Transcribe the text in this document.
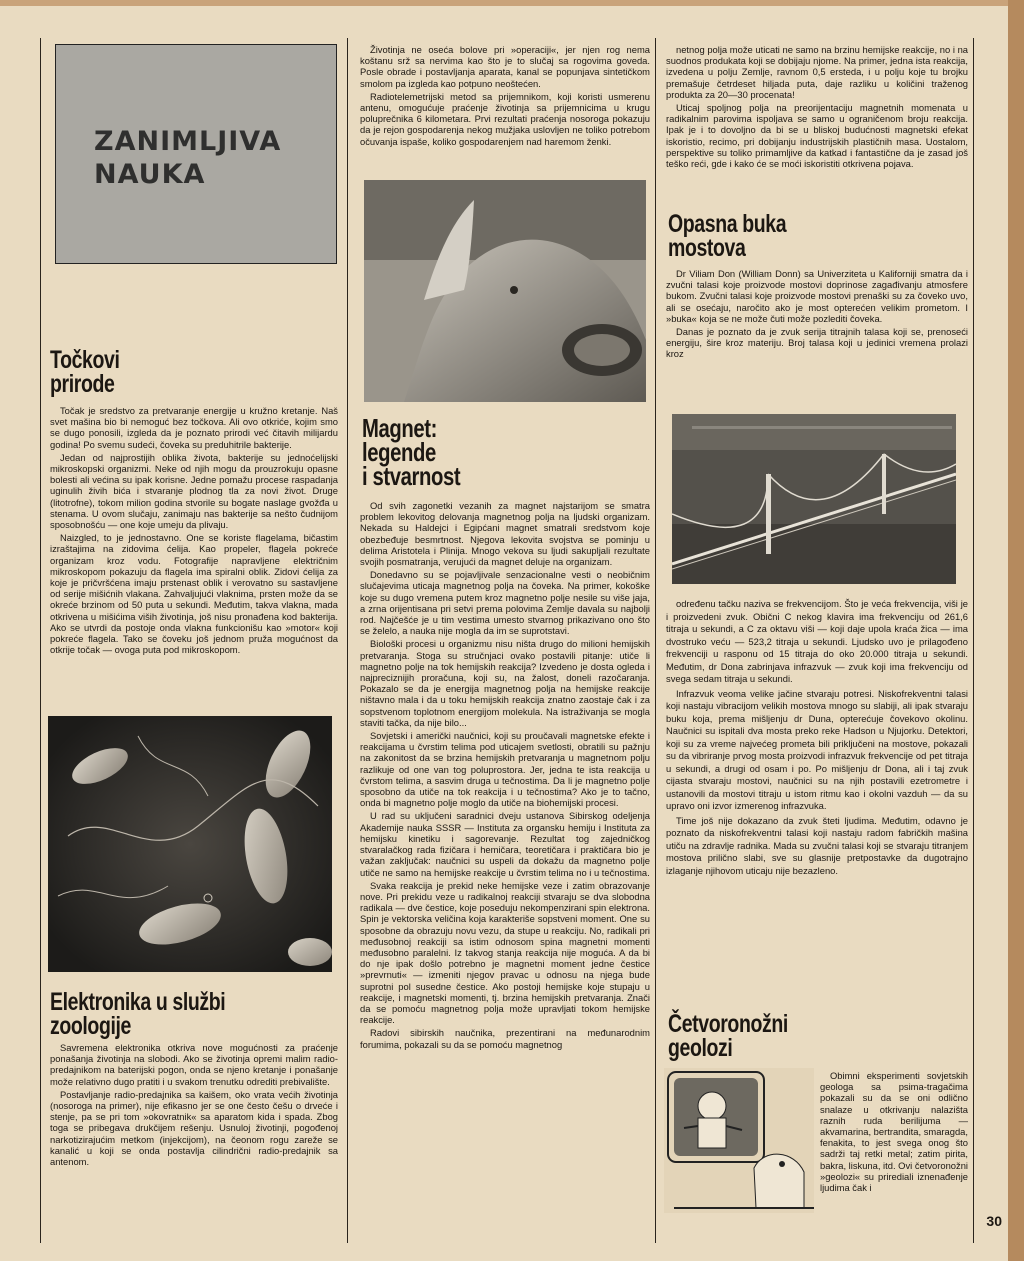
ZANIMLJIVA
NAUKA
Točkovi
prirode

Točak je sredstvo za pretvaranje energije u kružno kretanje. Naš svet mašina bio bi nemoguć bez točkova. Ali ovo otkriće, kojim smo se dugo ponosili, izgleda da je poznato prirodi već čitavih milijardu godina! Po svemu sudeći, čoveka su preduhitrile bakterije.

Jedan od najprostijih oblika života, bakterije su jednoćelijski mikroskopski organizmi. Neke od njih mogu da prouzrokuju opasne bolesti ali većina su ipak korisne. Jedne pomažu procese raspadanja uginulih živih bića i stvaranje plodnog tla za novi život. Druge (litotrofne), tokom milion godina stvorile su bogate naslage gvožđa u stenama. U ovom slučaju, zanimaju nas bakterije sa nešto čudnijom sposobnošću — one koje umeju da plivaju.

Naizgled, to je jednostavno. One se koriste flagelama, bičastim izraštajima na zidovima ćelija. Kao propeler, flagela pokreće organizam kroz vodu. Fotografije napravljene električnim mikroskopom pokazuju da flagela ima spiralni oblik. Zidovi ćelija za koje je pričvršćena imaju prstenast oblik i verovatno su sastavljene od serije mišićnih vlakana. Zahvaljujući vlaknima, prsten može da se okreće brzinom od 50 puta u sekundi. Međutim, takva vlakna, mada otkrivena u mišićima viših životinja, još nisu pronađena kod bakterija. Ako se utvrdi da postoje onda vlakna funkcionišu kao »motor« koji pokreće flagela. Tako se čoveku još jednom pruža mogućnost da otkrije točak — ovoga puta pod mikroskopom.

Elektronika u službi
zoologije

Savremena elektronika otkriva nove mogućnosti za praćenje ponašanja životinja na slobodi. Ako se životinja opremi malim radio-predajnikom na baterijski pogon, onda se njeno kretanje i ponašanje može relativno dugo pratiti i u svakom trenutku odrediti prebivalište.

Postavljanje radio-predajnika sa kaišem, oko vrata većih životinja (nosoroga na primer), nije efikasno jer se one često češu o drveće i stenje, pa se pri tom »okovratnik« sa aparatom kida i spada. Zbog toga se pribegava drukčijem rešenju. Usnuloj životinji, pogođenoj narkotizirajućim metkom (injekcijom), na čeonom rogu zareže se kanalić u koji se onda postavlja cilindrični radio-predajnik sa antenom.

Životinja ne oseća bolove pri »operaciji«, jer njen rog nema koštanu srž sa nervima kao što je to slučaj sa rogovima goveda. Posle obrade i postavljanja aparata, kanal se popunjava sintetičkom smolom pa izgleda kao potpuno neoštećen.

Radiotelemetrijski metod sa prijemnikom, koji koristi usmerenu antenu, omogućuje praćenje životinja sa prijemnicima u krugu poluprečnika 6 kilometara. Prvi rezultati praćenja nosoroga pokazuju da je rejon gospodarenja nekog mužjaka uslovljen ne toliko potrebom očuvanja ispaše, koliko gospodarenjem nad haremom ženki.

Magnet:
legende
i stvarnost

Od svih zagonetki vezanih za magnet najstarijom se smatra problem lekovitog delovanja magnetnog polja na ljudski organizam. Nekada su Haldejci i Egipćani magnet smatrali sredstvom koje obezbeđuje besmrtnost. Njegova lekovita svojstva se pominju u delima Aristotela i Plinija. Mnogo vekova su ljudi sakupljali rezultate svojih posmatranja, verujući da magnet deluje na organizam.

Donedavno su se pojavljivale senzacionalne vesti o neobičnim slučajevima uticaja magnetnog polja na čoveka. Na primer, kokoške koje su dugo vremena putem kroz magnetno polje nesile su više jaja, a zrna orijentisana pri setvi prema polovima Zemlje davala su najbolji rod. Najčešće je u tim vestima umesto stvarnog prikazivano ono što se želelo, a nauka nije mogla da im se suprotstavi.

Biološki procesi u organizmu nisu ništa drugo do milioni hemijskih pretvaranja. Stoga su stručnjaci ovako postavili pitanje: utiče li magnetno polje na tok hemijskih reakcija? Izvedeno je dosta ogleda i najpreciznijih proračuna, koji su, na žalost, doneli razočaranja. Pokazalo se da je energija magnetnog polja na hemijske reakcije ništavno mala i da u toku hemijskih reakcija znatno zaostaje čak i za sopstvenom toplotnom energijom molekula. Na istraživanja se mogla staviti tačka, da nije bilo...

Sovjetski i američki naučnici, koji su proučavali magnetske efekte i reakcijama u čvrstim telima pod uticajem svetlosti, obratili su pažnju na zakonitost da se brzina hemijskih pretvaranja u magnetnom polju razlikuje od one van tog poluprostora. Jer, jedna te ista reakcija u čvrstom telima, a sasvim druga u tečnostima. Da li je magnetno polje sposobno da utiče na tok reakcija i u tečnostima? Ako je to tačno, onda bi magnetno polje moglo da utiče na biohemijski procesi.

U rad su uključeni saradnici dveju ustanova Sibirskog odeljenja Akademije nauka SSSR — Instituta za organsku hemiju i Instituta za hemijsku kinetiku i sagorevanje. Rezultat tog zajedničkog stvaralačkog rada fizičara i hemičara, teoretičara i praktičara bio je važan zaključak: naučnici su uspeli da dokažu da magnetno polje utiče ne samo na hemijske reakcije u čvrstim telima no i u tečnostima.

Svaka reakcija je prekid neke hemijske veze i zatim obrazovanje nove. Pri prekidu veze u radikalnoj reakciji stvaraju se dva slobodna radikala — dve čestice, koje poseduju nekompenzirani spin elektrona. Spin je vektorska veličina koja karakteriše sopstveni moment. One su sposobne da obrazuju novu vezu, da stupe u reakciju. No, radikali pri međusobnoj reakciji sa istim odnosom spina magnetni momenti međusobno paralelni. Iz takvog stanja reakcija nije moguća. A da bi do nje ipak došlo potrebno je magnetni moment jedne čestice »prevrnuti« — izmeniti njegov pravac u odnosu na njega bude suprotni pol susedne čestice. Ako postoji hemijske koje stupaju u reakcije, i magnetski momenti, tj. brzina hemijskih pretvaranja. Znači da se pomoću magnetnog polja može upravljati tokom hemijske reakcije.

Radovi sibirskih naučnika, prezentirani na međunarodnim forumima, pokazali su da se pomoću magnetnog

netnog polja može uticati ne samo na brzinu hemijske reakcije, no i na suodnos produkata koji se dobijaju njome. Na primer, jedna ista reakcija, izvedena u polju Zemlje, ravnom 0,5 ersteda, i u polju koje tu brojku premašuje četrdeset hiljada puta, daje razliku u količini traženog produkta za 20—30 procenata!

Uticaj spoljnog polja na preorijentaciju magnetnih momenata u radikalnim parovima ispoljava se samo u ograničenom broju reakcija. Ipak je i to dovoljno da bi se u bliskoj budućnosti magnetski efekat iskoristio, recimo, pri dobijanju industrijskih plastičnih masa. Uostalom, perspektive su toliko primamljive da katkad i fantastične da je zasad još teško reći, gde i kako će se moći iskoristiti otkrivena pojava.

Opasna buka
mostova

Dr Viliam Don (William Donn) sa Univerziteta u Kaliforniji smatra da i zvučni talasi koje proizvode mostovi doprinose zagađivanju atmosfere bukom. Zvučni talasi koje proizvode mostovi prenaški su za čoveko uvo, ali se osećaju, naročito ako je most opterećen velikim prometom. I »buka« koja se ne može čuti može pozlediti čoveka.

Danas je poznato da je zvuk serija titrajnih talasa koji se, prenoseći energiju, šire kroz materiju. Broj talasa koji u jedinici vremena prolazi kroz

određenu tačku naziva se frekvencijom. Što je veća frekvencija, viši je i proizvedeni zvuk. Običnі C nekog klavira ima frekvenciju od 261,6 titraja u sekundi, a C za oktavu viši — koji daje upola kraća žica — ima dvostruko veću — 523,2 titraja u sekundi. Ljudsko uvo je prilagođeno frekvenciji u rasponu od 15 titraja do oko 20.000 titraja u sekundi. Međutim, dr Dona zabrinjava infrazvuk — zvuk koji ima frekvenciju od svega sedam titraja u sekundi.

Infrazvuk veoma velike jačine stvaraju potresi. Niskofrekventni talasi koji nastaju vibracijom velikih mostova mnogo su slabiji, ali ipak stvaraju buku koja, prema mišljenju dr Duna, opterećuje čovekovo okolinu. Naučnici su ispitali dva mosta preko reke Hadson u Njujorku. Detektori, koji su za vreme najvećeg prometa bili priključeni na mostove, pokazali su da vibriranje prvog mosta proizvodi infrazvuk frekvencije od pet titraja u sekundi, a drugi od osam i po. Po mišljenju dr Dona, ali i taj zvuk cijasta stvaraju mostovi, naučnici su na njih postavili ezetrometre i ustanovili da mostovi titraju u istom ritmu kao i okolni vazduh — da su upravo oni izvor izmerenog infrazvuka.

Time još nije dokazano da zvuk šteti ljudima. Međutim, odavno je poznato da niskofrekventni talasi koji nastaju radom fabričkih mašina utiču na zdravlje radnika. Mada su zvučni talasi koji se stvaraju titranjem mostova prilično slabi, sve su glasnije pretpostavke da dugotrajno izlaganje njihovom uticaju nije bezazleno.

Četvoronožni
geolozi

Obimni eksperimenti sovjetskih geologa sa psima-tragačima pokazali su da se oni odlično snalaze u otkrivanju nalazišta raznih ruda berilijuma — akvamarina, bertrandita, smaragda, fenakita, to jest svega onog što sadrži taj retki metal; zatim pirita, bakra, liskuna, itd. Ovi četvoronožni »geolozi« su prirediali iznenađenje ljudima čak i

30
